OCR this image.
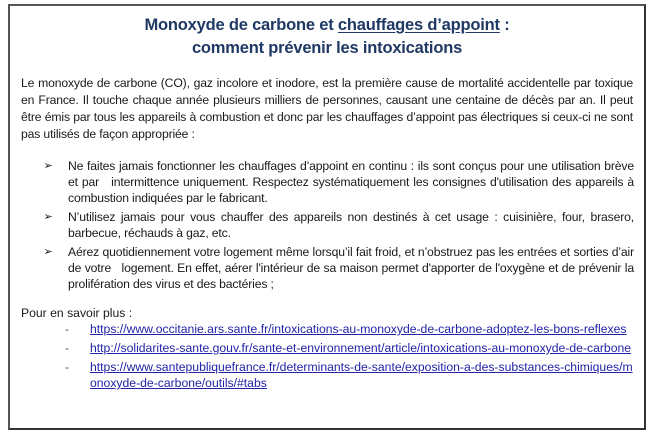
Monoxyde de carbone et chauffages d’appoint :
comment prévenir les intoxications

Le monoxyde de carbone (CO), gaz incolore et inodore, est la première cause de mortalité accidentelle par toxique en France. Il touche chaque année plusieurs milliers de personnes, causant une centaine de décès par an. Il peut être émis par tous les appareils à combustion et donc par les chauffages d’appoint pas électriques si ceux-ci ne sont pas utilisés de façon appropriée :

➢ Ne faites jamais fonctionner les chauffages d’appoint en continu : ils sont conçus pour une utilisation brève et par   intermittence uniquement. Respectez systématiquement les consignes d'utilisation des appareils à combustion indiquées par le fabricant.
➢ N’utilisez jamais pour vous chauffer des appareils non destinés à cet usage : cuisinière, four, brasero, barbecue, réchauds à gaz, etc.
➢ Aérez quotidiennement votre logement même lorsqu’il fait froid, et n’obstruez pas les entrées et sorties d’air de votre   logement. En effet, aérer l'intérieur de sa maison permet d'apporter de l'oxygène et de prévenir la prolifération des virus et des bactéries ;
Pour en savoir plus :
- https://www.occitanie.ars.sante.fr/intoxications-au-monoxyde-de-carbone-adoptez-les-bons-reflexes
- http://solidarites-sante.gouv.fr/sante-et-environnement/article/intoxications-au-monoxyde-de-carbone
- https://www.santepubliquefrance.fr/determinants-de-sante/exposition-a-des-substances-chimiques/monoxyde-de-carbone/outils/#tabs
